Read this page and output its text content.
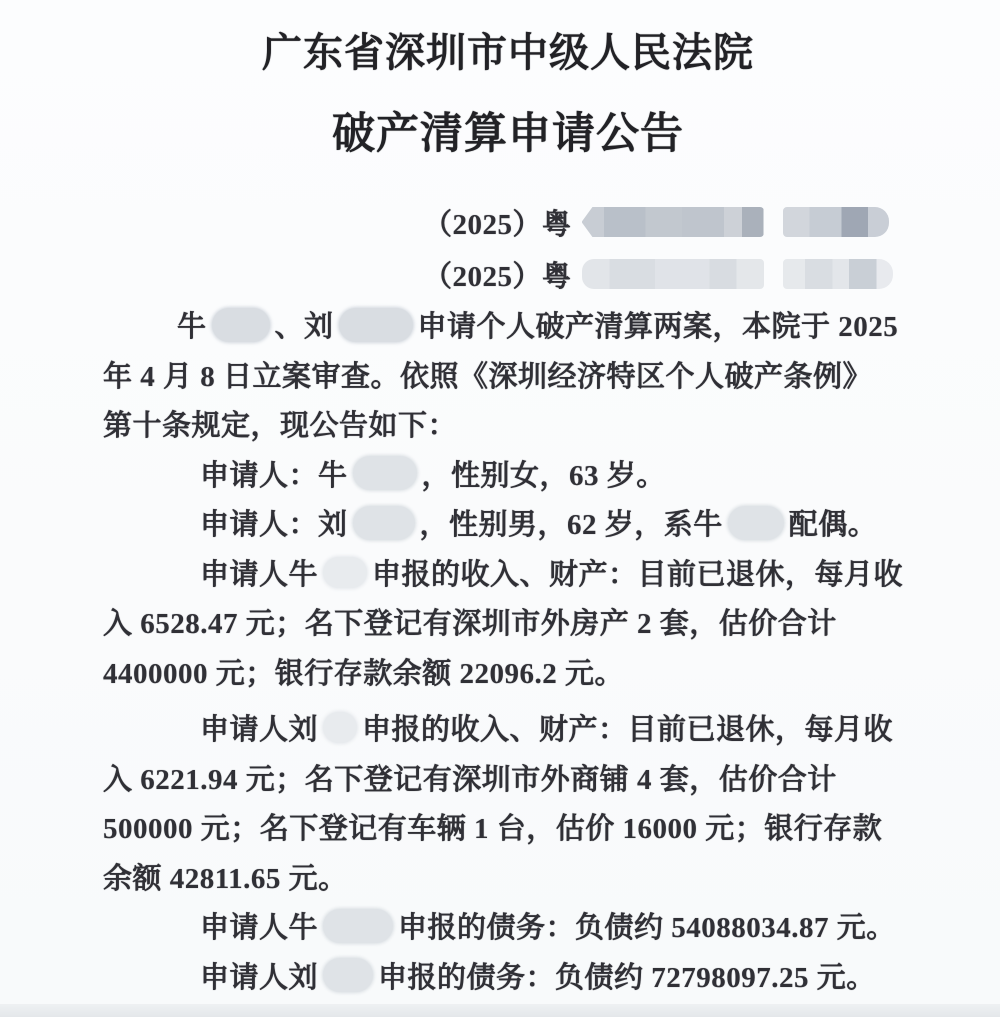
广东省深圳市中级人民法院
破产清算申请公告
（2025）粤
（2025）粤
牛 、刘	申请个人破产清算两案，本院于 2025
年 4 月 8 日立案审查。依照《深圳经济特区个人破产条例》
第十条规定，现公告如下：
申请人：牛	，性别女，63 岁。
申请人：刘 ，性别男，62 岁，系牛 配偶。
申请人牛 申报的收入、财产：目前已退休，每月收
入 6528.47 元；名下登记有深圳市外房产 2 套，估价合计
4400000 元；银行存款余额 22096.2 元。
申请人刘 申报的收入、财产：目前已退休，每月收
入 6221.94 元；名下登记有深圳市外商铺 4 套，估价合计
500000 元；名下登记有车辆 1 台，估价 16000 元；银行存款
余额 42811.65 元。
申请人牛	申报的债务：负债约 54088034.87 元。
申请人刘 申报的债务：负债约 72798097.25 元。
